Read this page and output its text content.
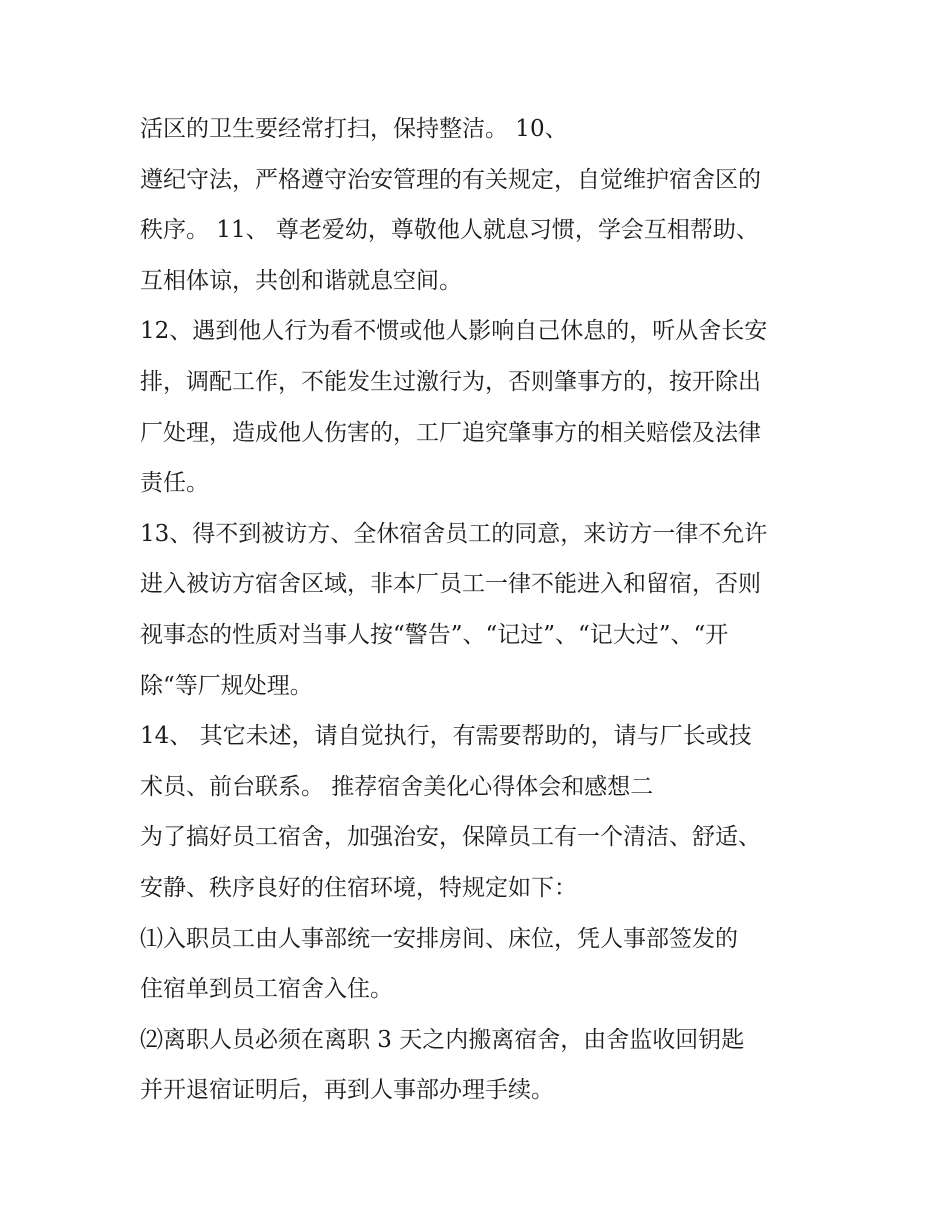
活区的卫生要经常打扫，保持整洁。 10、
遵纪守法，严格遵守治安管理的有关规定，自觉维护宿舍区的
秩序。 11、 尊老爱幼，尊敬他人就息习惯，学会互相帮助、
互相体谅，共创和谐就息空间。
12、遇到他人行为看不惯或他人影响自己休息的，听从舍长安
排，调配工作，不能发生过激行为，否则肇事方的，按开除出
厂处理，造成他人伤害的，工厂追究肇事方的相关赔偿及法律
责任。
13、得不到被访方、全休宿舍员工的同意，来访方一律不允许
进入被访方宿舍区域，非本厂员工一律不能进入和留宿，否则
视事态的性质对当事人按“警告”、“记过”、“记大过”、“开
除“等厂规处理。
14、 其它未述，请自觉执行，有需要帮助的，请与厂长或技
术员、前台联系。 推荐宿舍美化心得体会和感想二
为了搞好员工宿舍，加强治安，保障员工有一个清洁、舒适、
安静、秩序良好的住宿环境，特规定如下：
⑴入职员工由人事部统一安排房间、床位，凭人事部签发的
住宿单到员工宿舍入住。
⑵离职人员必须在离职 3 天之内搬离宿舍，由舍监收回钥匙
并开退宿证明后，再到人事部办理手续。
